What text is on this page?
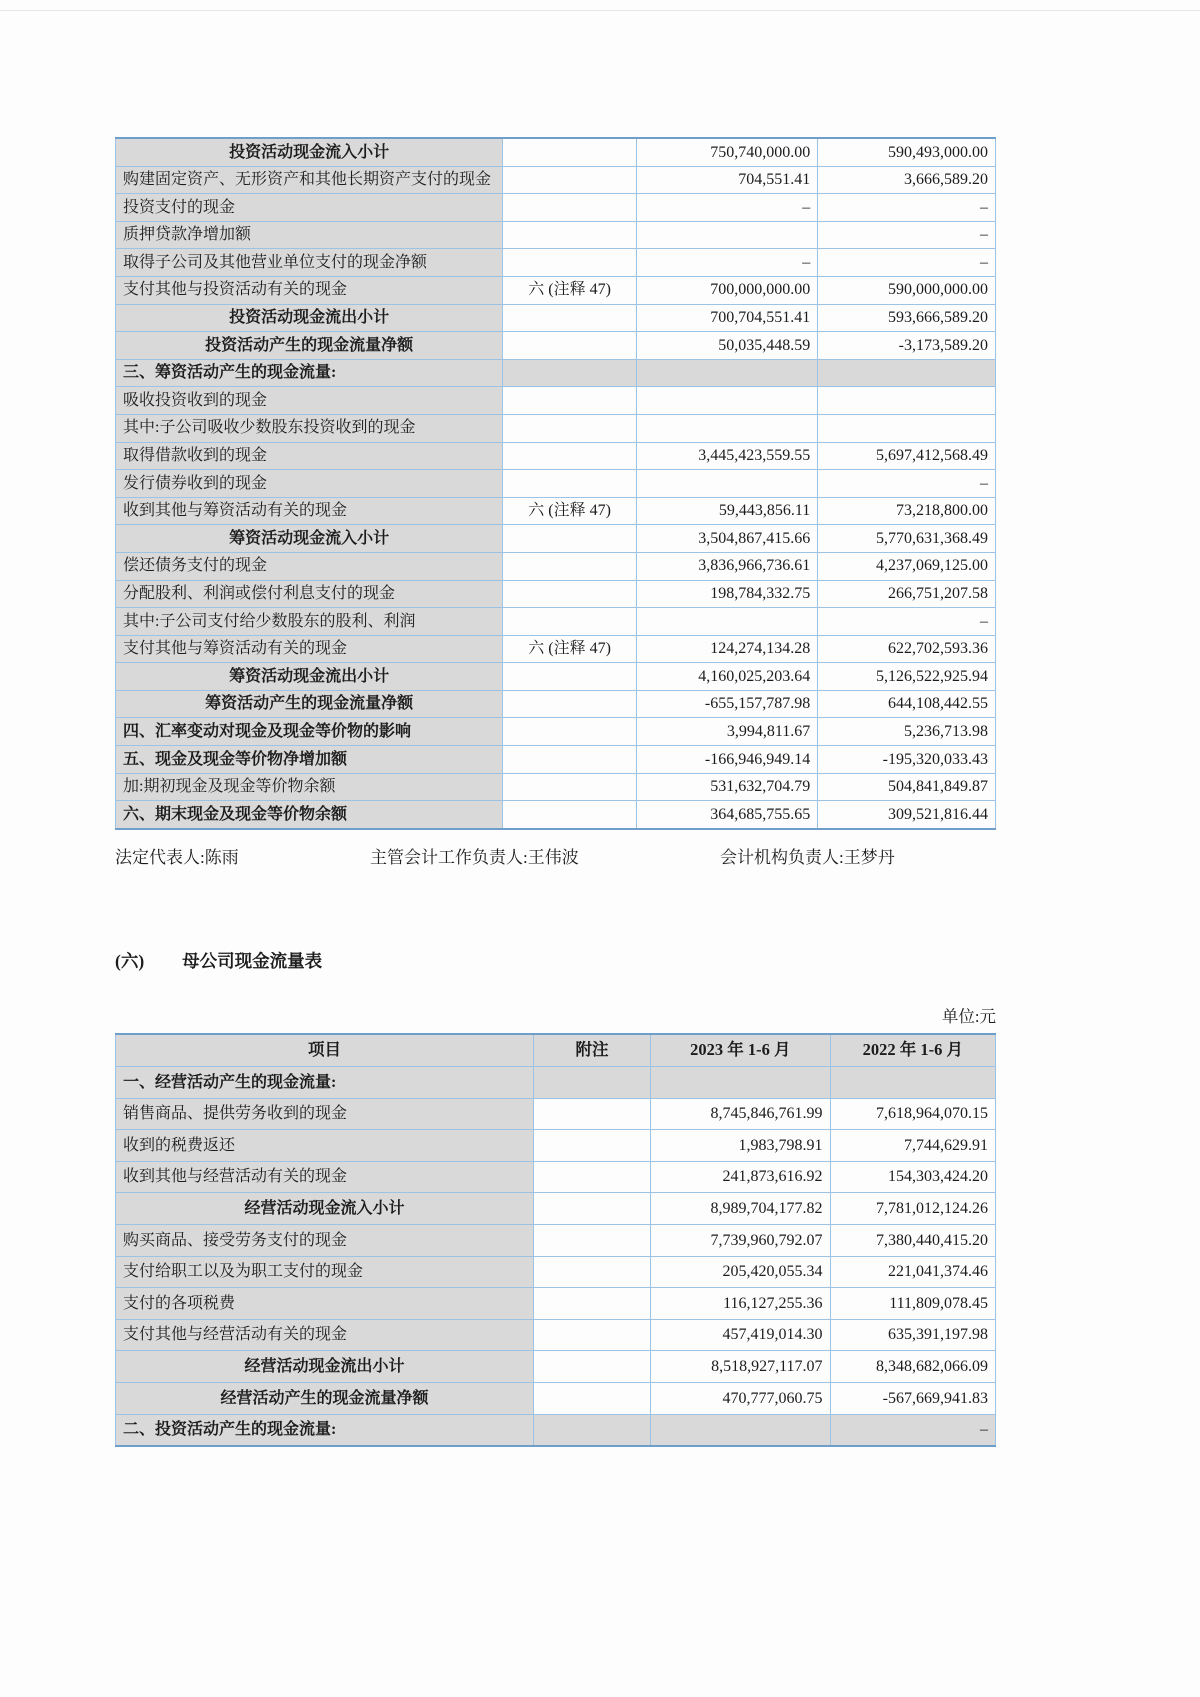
投资活动现金流入小计		750,740,000.00	590,493,000.00
购建固定资产、无形资产和其他长期资产支付的现金		704,551.41	3,666,589.20
投资支付的现金		–	–
质押贷款净增加额			–
取得子公司及其他营业单位支付的现金净额		–	–
支付其他与投资活动有关的现金	六 (注释 47)	700,000,000.00	590,000,000.00
投资活动现金流出小计		700,704,551.41	593,666,589.20
投资活动产生的现金流量净额		50,035,448.59	-3,173,589.20
三、筹资活动产生的现金流量:			
吸收投资收到的现金			
其中:子公司吸收少数股东投资收到的现金			
取得借款收到的现金		3,445,423,559.55	5,697,412,568.49
发行债券收到的现金			–
收到其他与筹资活动有关的现金	六 (注释 47)	59,443,856.11	73,218,800.00
筹资活动现金流入小计		3,504,867,415.66	5,770,631,368.49
偿还债务支付的现金		3,836,966,736.61	4,237,069,125.00
分配股利、利润或偿付利息支付的现金		198,784,332.75	266,751,207.58
其中:子公司支付给少数股东的股利、利润			–
支付其他与筹资活动有关的现金	六 (注释 47)	124,274,134.28	622,702,593.36
筹资活动现金流出小计		4,160,025,203.64	5,126,522,925.94
筹资活动产生的现金流量净额		-655,157,787.98	644,108,442.55
四、汇率变动对现金及现金等价物的影响		3,994,811.67	5,236,713.98
五、现金及现金等价物净增加额		-166,946,949.14	-195,320,033.43
加:期初现金及现金等价物余额		531,632,704.79	504,841,849.87
六、期末现金及现金等价物余额		364,685,755.65	309,521,816.44
法定代表人:陈雨	主管会计工作负责人:王伟波	会计机构负责人:王梦丹
(六) 母公司现金流量表
单位:元
项目	附注	2023 年 1-6 月	2022 年 1-6 月
一、经营活动产生的现金流量:			
销售商品、提供劳务收到的现金		8,745,846,761.99	7,618,964,070.15
收到的税费返还		1,983,798.91	7,744,629.91
收到其他与经营活动有关的现金		241,873,616.92	154,303,424.20
经营活动现金流入小计		8,989,704,177.82	7,781,012,124.26
购买商品、接受劳务支付的现金		7,739,960,792.07	7,380,440,415.20
支付给职工以及为职工支付的现金		205,420,055.34	221,041,374.46
支付的各项税费		116,127,255.36	111,809,078.45
支付其他与经营活动有关的现金		457,419,014.30	635,391,197.98
经营活动现金流出小计		8,518,927,117.07	8,348,682,066.09
经营活动产生的现金流量净额		470,777,060.75	-567,669,941.83
二、投资活动产生的现金流量:			–
